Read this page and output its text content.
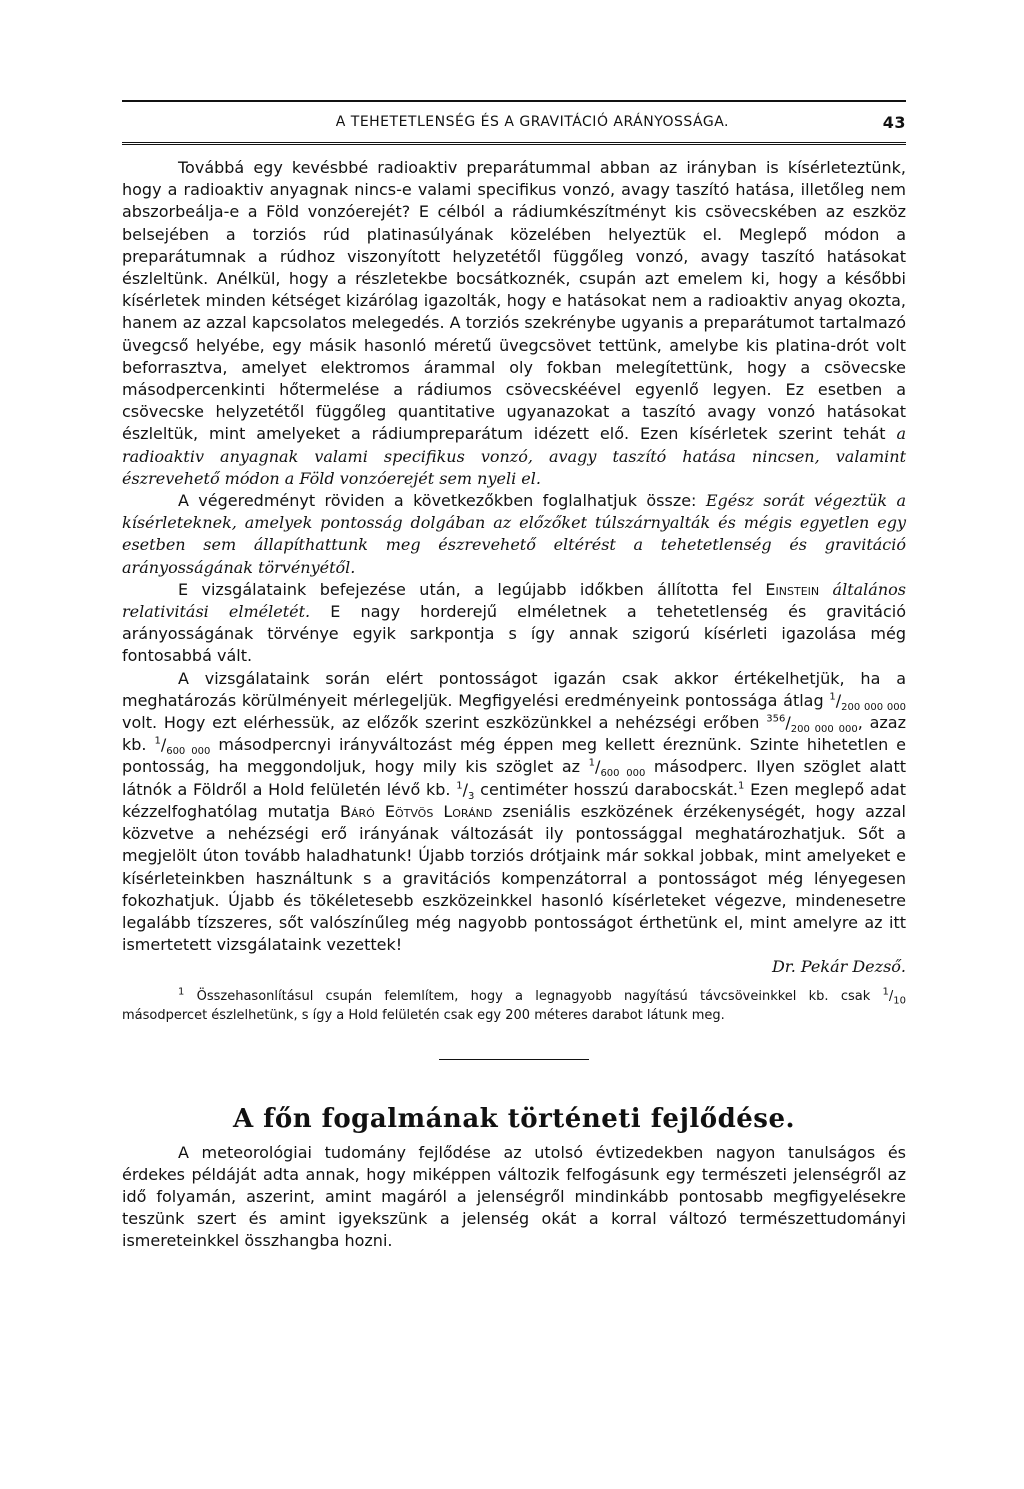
A TEHETETLENSÉG ÉS A GRAVITÁCIÓ ARÁNYOSSÁGA.	43

Továbbá egy kevésbbé radioaktiv preparátummal abban az irányban is kísérleteztünk, hogy a radioaktiv anyagnak nincs-e valami specifikus vonzó, avagy taszító hatása, illetőleg nem abszorbeálja-e a Föld vonzóerejét? E célból a rádiumkészítményt kis csövecskében az eszköz belsejében a torziós rúd platinasúlyának közelében helyeztük el. Meglepő módon a preparátumnak a rúdhoz viszonyított helyzetétől függőleg vonzó, avagy taszító hatásokat észleltünk. Anélkül, hogy a részletekbe bocsátkoznék, csupán azt emelem ki, hogy a későbbi kísérletek minden kétséget kizárólag igazolták, hogy e hatásokat nem a radioaktiv anyag okozta, hanem az azzal kapcsolatos melegedés. A torziós szekrénybe ugyanis a preparátumot tartalmazó üvegcső helyébe, egy másik hasonló méretű üvegcsövet tettünk, amelybe kis platina-drót volt beforrasztva, amelyet elektromos árammal oly fokban melegítettünk, hogy a csövecske másodpercenkinti hőtermelése a rádiumos csövecskéével egyenlő legyen. Ez esetben a csövecske helyzetétől függőleg quantitative ugyanazokat a taszító avagy vonzó hatásokat észleltük, mint amelyeket a rádiumpreparátum idézett elő. Ezen kísérletek szerint tehát a radioaktiv anyagnak valami specifikus vonzó, avagy taszító hatása nincsen, valamint észrevehető módon a Föld vonzóerejét sem nyeli el.

A végeredményt röviden a következőkben foglalhatjuk össze: Egész sorát végeztük a kísérleteknek, amelyek pontosság dolgában az előzőket túlszárnyalták és mégis egyetlen egy esetben sem állapíthattunk meg észrevehető eltérést a tehetetlenség és gravitáció arányosságának törvényétől.

E vizsgálataink befejezése után, a legújabb időkben állította fel Einstein általános relativitási elméletét. E nagy horderejű elméletnek a tehetetlenség és gravitáció arányosságának törvénye egyik sarkpontja s így annak szigorú kísérleti igazolása még fontosabbá vált.

A vizsgálataink során elért pontosságot igazán csak akkor értékelhetjük, ha a meghatározás körülményeit mérlegeljük. Megfigyelési eredményeink pontossága átlag $^1/_{200 000 000}$ volt. Hogy ezt elérhessük, az előzők szerint eszközünkkel a nehézségi erőben $^{356}/_{200 000 000}$, azaz kb. $^1/_{600 000}$ másodpercnyi irányváltozást még éppen meg kellett éreznünk. Szinte hihetetlen e pontosság, ha meggondoljuk, hogy mily kis szöglet az $^1/_{600 000}$ másodperc. Ilyen szöglet alatt látnók a Földről a Hold felületén lévő kb. $^1/_3$ centiméter hosszú darabocskát.$^1$ Ezen meglepő adat kézzelfoghatólag mutatja Báró Eötvös Loránd zseniális eszközének érzékenységét, hogy azzal közvetve a nehézségi erő irányának változását ily pontossággal meghatározhatjuk. Sőt a megjelölt úton tovább haladhatunk! Újabb torziós drótjaink már sokkal jobbak, mint amelyeket e kísérleteinkben használtunk s a gravitációs kompenzátorral a pontosságot még lényegesen fokozhatjuk. Újabb és tökéletesebb eszközeinkkel hasonló kísérleteket végezve, mindenesetre legalább tízszeres, sőt valószínűleg még nagyobb pontosságot érthetünk el, mint amelyre az itt ismertetett vizsgálataink vezettek!

Dr. Pekár Dezső.

$^1$ Összehasonlításul csupán felemlítem, hogy a legnagyobb nagyítású távcsöveinkkel kb. csak $^1/_{10}$ másodpercet észlelhetünk, s így a Hold felületén csak egy 200 méteres darabot látunk meg.

A főn fogalmának történeti fejlődése.

A meteorológiai tudomány fejlődése az utolsó évtizedekben nagyon tanulságos és érdekes példáját adta annak, hogy miképpen változik felfogásunk egy természeti jelenségről az idő folyamán, aszerint, amint magáról a jelenségről mindinkább pontosabb megfigyelésekre teszünk szert és amint igyekszünk a jelenség okát a korral változó természettudományi ismereteinkkel összhangba hozni.
